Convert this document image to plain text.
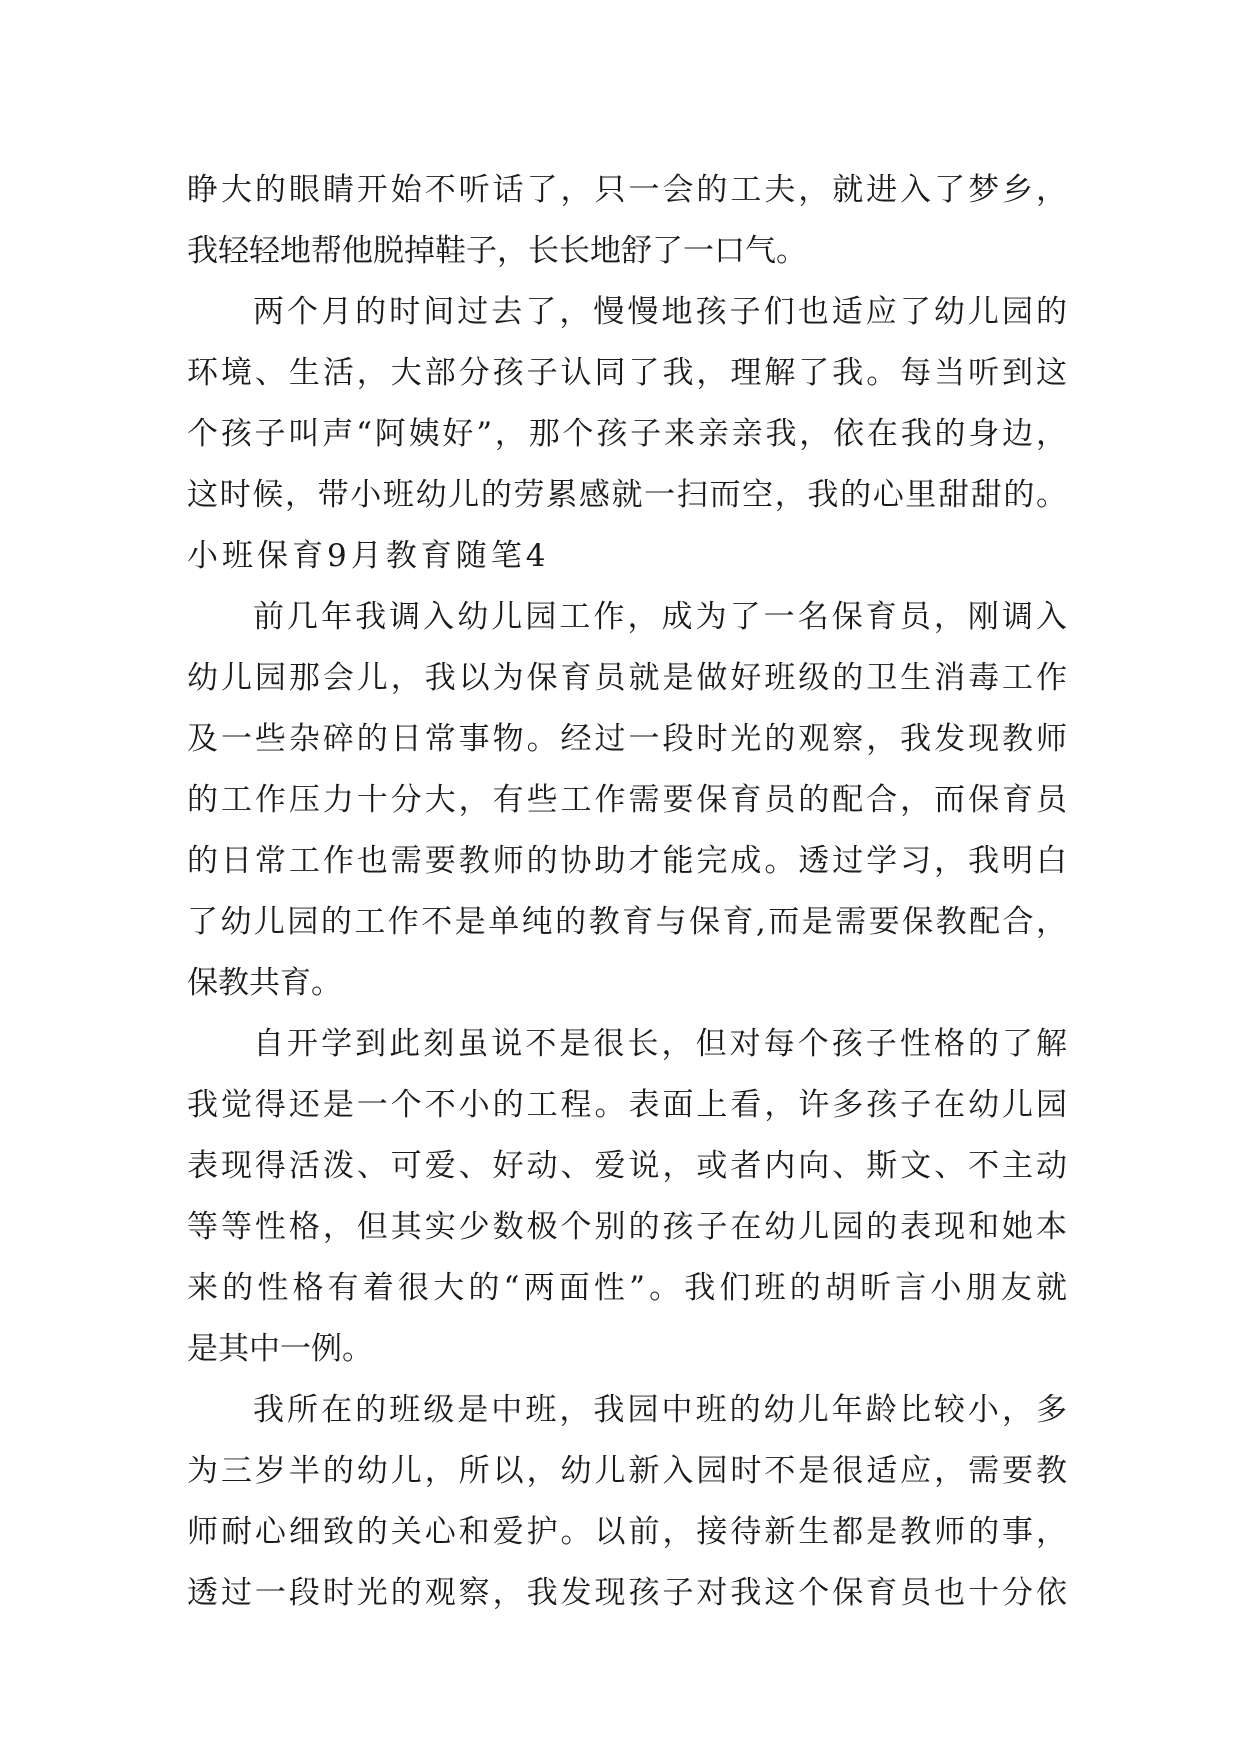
睁大的眼睛开始不听话了，只一会的工夫，就进入了梦乡，
我轻轻地帮他脱掉鞋子，长长地舒了一口气。
两个月的时间过去了，慢慢地孩子们也适应了幼儿园的
环境、生活，大部分孩子认同了我，理解了我。每当听到这
个孩子叫声“阿姨好”，那个孩子来亲亲我，依在我的身边，
这时候，带小班幼儿的劳累感就一扫而空，我的心里甜甜的。
小班保育9月教育随笔4
前几年我调入幼儿园工作，成为了一名保育员，刚调入
幼儿园那会儿，我以为保育员就是做好班级的卫生消毒工作
及一些杂碎的日常事物。经过一段时光的观察，我发现教师
的工作压力十分大，有些工作需要保育员的配合，而保育员
的日常工作也需要教师的协助才能完成。透过学习，我明白
了幼儿园的工作不是单纯的教育与保育,而是需要保教配合，
保教共育。
自开学到此刻虽说不是很长，但对每个孩子性格的了解
我觉得还是一个不小的工程。表面上看，许多孩子在幼儿园
表现得活泼、可爱、好动、爱说，或者内向、斯文、不主动
等等性格，但其实少数极个别的孩子在幼儿园的表现和她本
来的性格有着很大的“两面性”。我们班的胡昕言小朋友就
是其中一例。
我所在的班级是中班，我园中班的幼儿年龄比较小，多
为三岁半的幼儿，所以，幼儿新入园时不是很适应，需要教
师耐心细致的关心和爱护。以前，接待新生都是教师的事，
透过一段时光的观察，我发现孩子对我这个保育员也十分依
